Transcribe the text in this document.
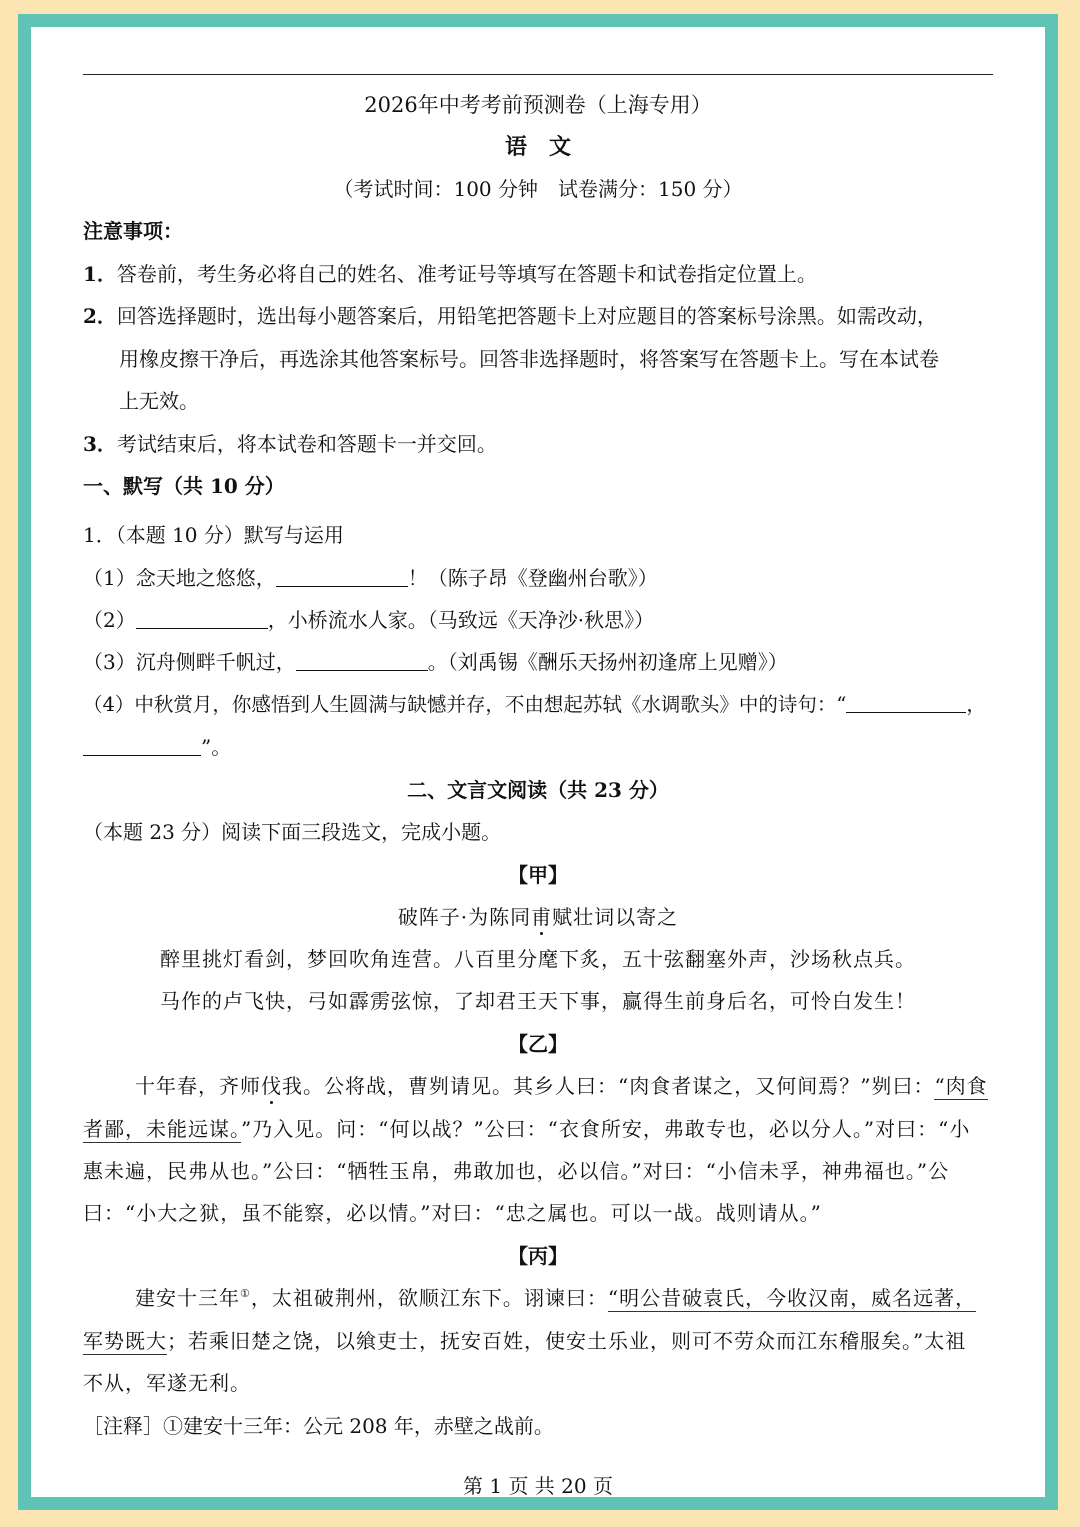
2026年中考考前预测卷（上海专用）
语　文
（考试时间：100 分钟　试卷满分：150 分）
注意事项：
1．答卷前，考生务必将自己的姓名、准考证号等填写在答题卡和试卷指定位置上。
2．回答选择题时，选出每小题答案后，用铅笔把答题卡上对应题目的答案标号涂黑。如需改动，
用橡皮擦干净后，再选涂其他答案标号。回答非选择题时，将答案写在答题卡上。写在本试卷
上无效。
3．考试结束后，将本试卷和答题卡一并交回。
一、默写（共 10 分）
1．（本题 10 分）默写与运用
（1）念天地之悠悠，	！（陈子昂《登幽州台歌》）
（2）	，小桥流水人家。（马致远《天净沙·秋思》）
（3）沉舟侧畔千帆过，	。（刘禹锡《酬乐天扬州初逢席上见赠》）
（4）中秋赏月，你感悟到人生圆满与缺憾并存，不由想起苏轼《水调歌头》中的诗句：“	，
”。
二、文言文阅读（共 23 分）
（本题 23 分）阅读下面三段选文，完成小题。
【甲】
破阵子·为陈同甫赋壮词以寄之
醉里挑灯看剑，梦回吹角连营。八百里分麾下炙，五十弦翻塞外声，沙场秋点兵。
马作的卢飞快，弓如霹雳弦惊，了却君王天下事，赢得生前身后名，可怜白发生！
【乙】
十年春，齐师伐我。公将战，曹刿请见。其乡人曰：“肉食者谋之，又何间焉？”刿曰：“肉食
者鄙，未能远谋。”乃入见。问：“何以战？”公曰：“衣食所安，弗敢专也，必以分人。”对曰：“小
惠未遍，民弗从也。”公曰：“牺牲玉帛，弗敢加也，必以信。”对曰：“小信未孚，神弗福也。”公
曰：“小大之狱，虽不能察，必以情。”对曰：“忠之属也。可以一战。战则请从。”
【丙】
建安十三年①，太祖破荆州，欲顺江东下。诩谏曰：“明公昔破袁氏，今收汉南，威名远著，
军势既大；若乘旧楚之饶，以飨吏士，抚安百姓，使安土乐业，则可不劳众而江东稽服矣。”太祖
不从，军遂无利。
［注释］①建安十三年：公元 208 年，赤壁之战前。
第 1 页 共 20 页
